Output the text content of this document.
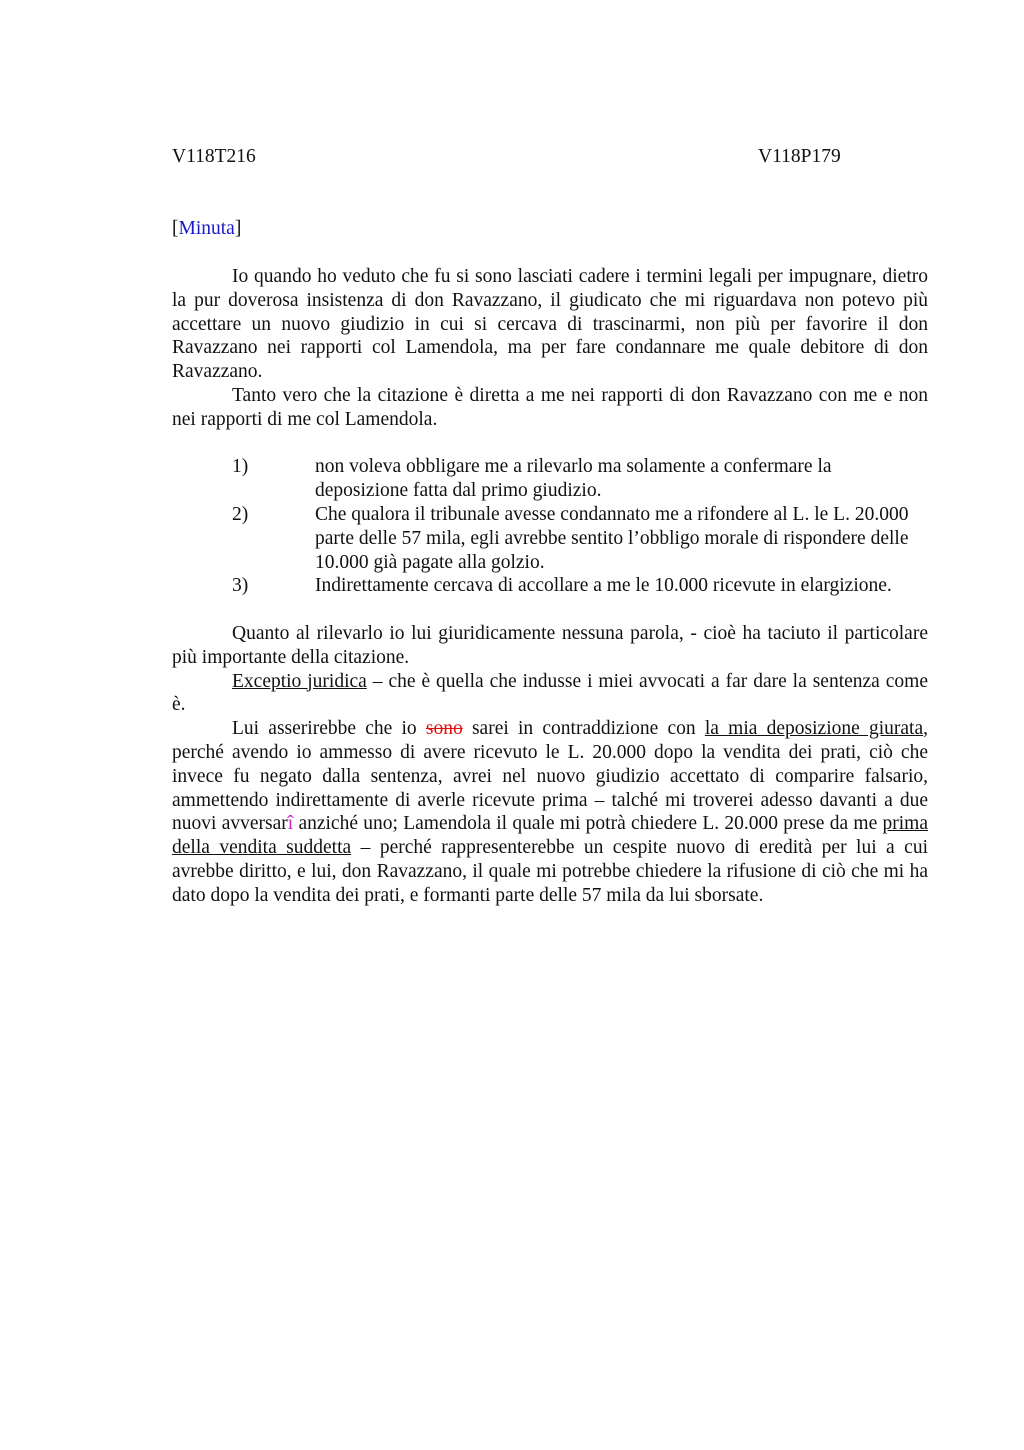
V118T216	V118P179
[Minuta]

Io quando ho veduto che fu si sono lasciati cadere i termini legali per impugnare, dietro la pur doverosa insistenza di don Ravazzano, il giudicato che mi riguardava non potevo più accettare un nuovo giudizio in cui si cercava di trascinarmi, non più per favorire il don Ravazzano nei rapporti col Lamendola, ma per fare condannare me quale debitore di don Ravazzano.

Tanto vero che la citazione è diretta a me nei rapporti di don Ravazzano con me e non nei rapporti di me col Lamendola.

1)	non voleva obbligare me a rilevarlo ma solamente a confermare la deposizione fatta dal primo giudizio.
2)	Che qualora il tribunale avesse condannato me a rifondere al L. le L. 20.000 parte delle 57 mila, egli avrebbe sentito l’obbligo morale di rispondere delle 10.000 già pagate alla golzio.
3)	Indirettamente cercava di accollare a me le 10.000 ricevute in elargizione.

Quanto al rilevarlo io lui giuridicamente nessuna parola, - cioè ha taciuto il particolare più importante della citazione.

Exceptio juridica – che è quella che indusse i miei avvocati a far dare la sentenza come è.

Lui asserirebbe che io sono sarei in contraddizione con la mia deposizione giurata, perché avendo io ammesso di avere ricevuto le L. 20.000 dopo la vendita dei prati, ciò che invece fu negato dalla sentenza, avrei nel nuovo giudizio accettato di comparire falsario, ammettendo indirettamente di averle ricevute prima – talché mi troverei adesso davanti a due nuovi avversarî anziché uno; Lamendola il quale mi potrà chiedere L. 20.000 prese da me prima della vendita suddetta – perché rappresenterebbe un cespite nuovo di eredità per lui a cui avrebbe diritto, e lui, don Ravazzano, il quale mi potrebbe chiedere la rifusione di ciò che mi ha dato dopo la vendita dei prati, e formanti parte delle 57 mila da lui sborsate.
